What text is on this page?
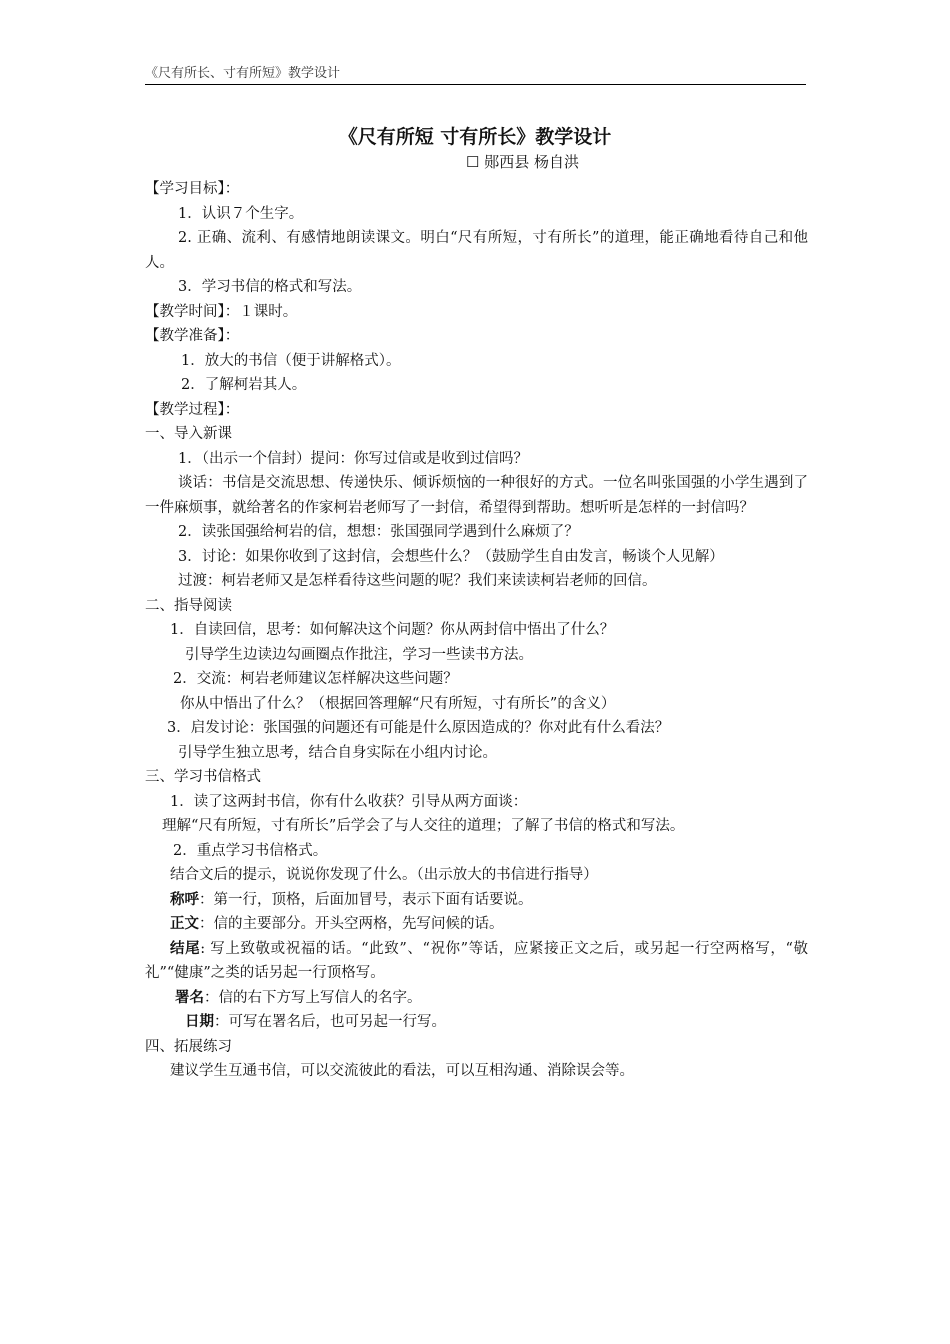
《尺有所长、寸有所短》教学设计
《尺有所短 寸有所长》教学设计
☐ 郧西县 杨自洪
【学习目标】：
1．认识７个生字。
2. 正确、流利、有感情地朗读课文。明白“尺有所短，寸有所长”的道理，能正确地看待自己和他人。
3．学习书信的格式和写法。
【教学时间】：１课时。
【教学准备】：
1．放大的书信（便于讲解格式）。
2．了解柯岩其人。
【教学过程】：
一、导入新课
1．（出示一个信封）提问：你写过信或是收到过信吗？
谈话：书信是交流思想、传递快乐、倾诉烦恼的一种很好的方式。一位名叫张国强的小学生遇到了一件麻烦事，就给著名的作家柯岩老师写了一封信，希望得到帮助。想听听是怎样的一封信吗？
2．读张国强给柯岩的信，想想：张国强同学遇到什么麻烦了？
3．讨论：如果你收到了这封信，会想些什么？（鼓励学生自由发言，畅谈个人见解）
过渡：柯岩老师又是怎样看待这些问题的呢？我们来读读柯岩老师的回信。
二、指导阅读
1．自读回信，思考：如何解决这个问题？你从两封信中悟出了什么？
引导学生边读边勾画圈点作批注，学习一些读书方法。
2．交流：柯岩老师建议怎样解决这些问题？
你从中悟出了什么？（根据回答理解“尺有所短，寸有所长”的含义）
3．启发讨论：张国强的问题还有可能是什么原因造成的？你对此有什么看法？
引导学生独立思考，结合自身实际在小组内讨论。
三、学习书信格式
1．读了这两封书信，你有什么收获？引导从两方面谈：
理解“尺有所短，寸有所长”后学会了与人交往的道理；了解了书信的格式和写法。
2．重点学习书信格式。
结合文后的提示，说说你发现了什么。（出示放大的书信进行指导）
称呼：第一行，顶格，后面加冒号，表示下面有话要说。
正文：信的主要部分。开头空两格，先写问候的话。
结尾: 写上致敬或祝福的话。“此致”、“祝你”等话，应紧接正文之后，或另起一行空两格写，“敬礼”“健康”之类的话另起一行顶格写。
署名：信的右下方写上写信人的名字。
日期：可写在署名后，也可另起一行写。
四、拓展练习
建议学生互通书信，可以交流彼此的看法，可以互相沟通、消除误会等。
